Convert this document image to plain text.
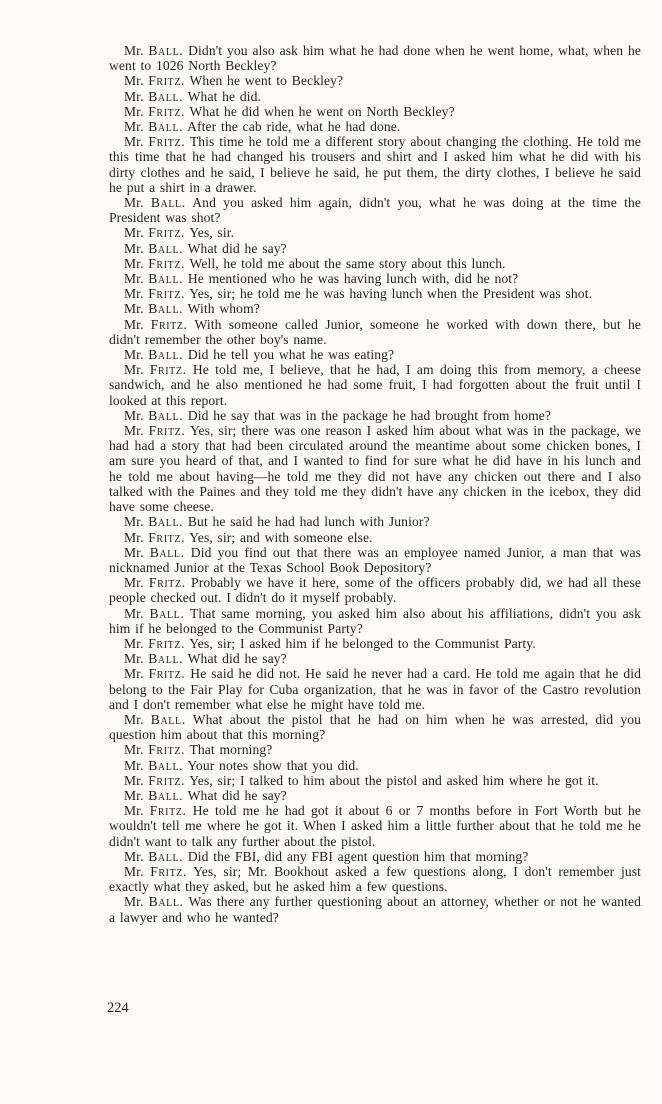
Mr. Ball. Didn't you also ask him what he had done when he went home, what, when he went to 1026 North Beckley?

Mr. Fritz. When he went to Beckley?

Mr. Ball. What he did.

Mr. Fritz. What he did when he went on North Beckley?

Mr. Ball. After the cab ride, what he had done.

Mr. Fritz. This time he told me a different story about changing the clothing. He told me this time that he had changed his trousers and shirt and I asked him what he did with his dirty clothes and he said, I believe he said, he put them, the dirty clothes, I believe he said he put a shirt in a drawer.

Mr. Ball. And you asked him again, didn't you, what he was doing at the time the President was shot?

Mr. Fritz. Yes, sir.

Mr. Ball. What did he say?

Mr. Fritz. Well, he told me about the same story about this lunch.

Mr. Ball. He mentioned who he was having lunch with, did he not?

Mr. Fritz. Yes, sir; he told me he was having lunch when the President was shot.

Mr. Ball. With whom?

Mr. Fritz. With someone called Junior, someone he worked with down there, but he didn't remember the other boy's name.

Mr. Ball. Did he tell you what he was eating?

Mr. Fritz. He told me, I believe, that he had, I am doing this from memory, a cheese sandwich, and he also mentioned he had some fruit, I had forgotten about the fruit until I looked at this report.

Mr. Ball. Did he say that was in the package he had brought from home?

Mr. Fritz. Yes, sir; there was one reason I asked him about what was in the package, we had had a story that had been circulated around the meantime about some chicken bones, I am sure you heard of that, and I wanted to find for sure what he did have in his lunch and he told me about having—he told me they did not have any chicken out there and I also talked with the Paines and they told me they didn't have any chicken in the icebox, they did have some cheese.

Mr. Ball. But he said he had had lunch with Junior?

Mr. Fritz. Yes, sir; and with someone else.

Mr. Ball. Did you find out that there was an employee named Junior, a man that was nicknamed Junior at the Texas School Book Depository?

Mr. Fritz. Probably we have it here, some of the officers probably did, we had all these people checked out. I didn't do it myself probably.

Mr. Ball. That same morning, you asked him also about his affiliations, didn't you ask him if he belonged to the Communist Party?

Mr. Fritz. Yes, sir; I asked him if he belonged to the Communist Party.

Mr. Ball. What did he say?

Mr. Fritz. He said he did not. He said he never had a card. He told me again that he did belong to the Fair Play for Cuba organization, that he was in favor of the Castro revolution and I don't remember what else he might have told me.

Mr. Ball. What about the pistol that he had on him when he was arrested, did you question him about that this morning?

Mr. Fritz. That morning?

Mr. Ball. Your notes show that you did.

Mr. Fritz. Yes, sir; I talked to him about the pistol and asked him where he got it.

Mr. Ball. What did he say?

Mr. Fritz. He told me he had got it about 6 or 7 months before in Fort Worth but he wouldn't tell me where he got it. When I asked him a little further about that he told me he didn't want to talk any further about the pistol.

Mr. Ball. Did the FBI, did any FBI agent question him that morning?

Mr. Fritz. Yes, sir; Mr. Bookhout asked a few questions along, I don't remember just exactly what they asked, but he asked him a few questions.

Mr. Ball. Was there any further questioning about an attorney, whether or not he wanted a lawyer and who he wanted?

224
